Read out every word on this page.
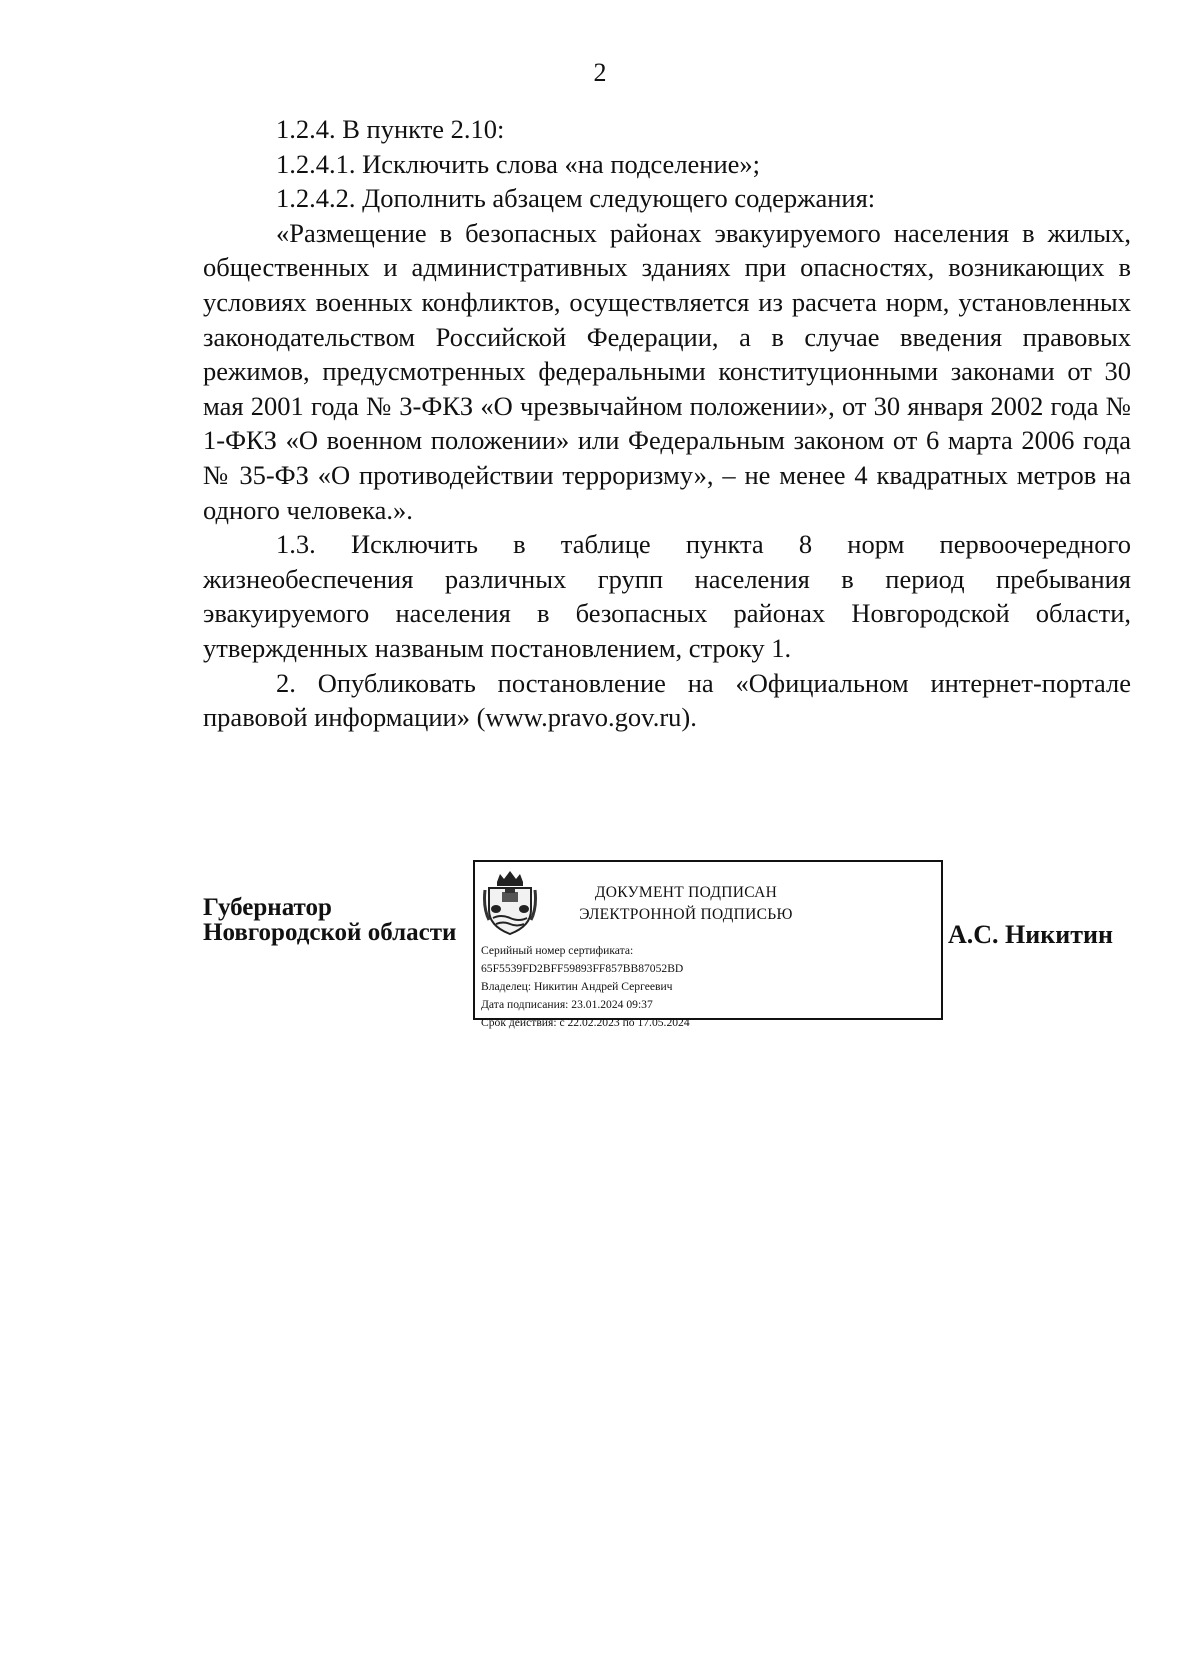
2

1.2.4. В пункте 2.10:

1.2.4.1. Исключить слова «на подселение»;

1.2.4.2. Дополнить абзацем следующего содержания:

«Размещение в безопасных районах эвакуируемого населения в жилых, общественных и административных зданиях при опасностях, возникающих в условиях военных конфликтов, осуществляется из расчета норм, установленных законодательством Российской Федерации, а в случае введения правовых режимов, предусмотренных федеральными конституционными законами от 30 мая 2001 года № 3-ФКЗ «О чрезвычайном положении», от 30 января 2002 года № 1-ФКЗ «О военном положении» или Федеральным законом от 6 марта 2006 года № 35-ФЗ «О противодействии терроризму», – не менее 4 квадратных метров на одного человека.».

1.3. Исключить в таблице пункта 8 норм первоочередного жизнеобеспечения различных групп населения в период пребывания эвакуируемого населения в безопасных районах Новгородской области, утвержденных названым постановлением, строку 1.

2. Опубликовать постановление на «Официальном интернет-портале правовой информации» (www.pravo.gov.ru).

Губернатор
Новгородской области
ДОКУМЕНТ ПОДПИСАН
ЭЛЕКТРОННОЙ ПОДПИСЬЮ
Серийный номер сертификата:
65F5539FD2BFF59893FF857BB87052BD
Владелец: Никитин Андрей Сергеевич
Дата подписания: 23.01.2024 09:37
Срок действия: с 22.02.2023 по 17.05.2024
А.С. Никитин
